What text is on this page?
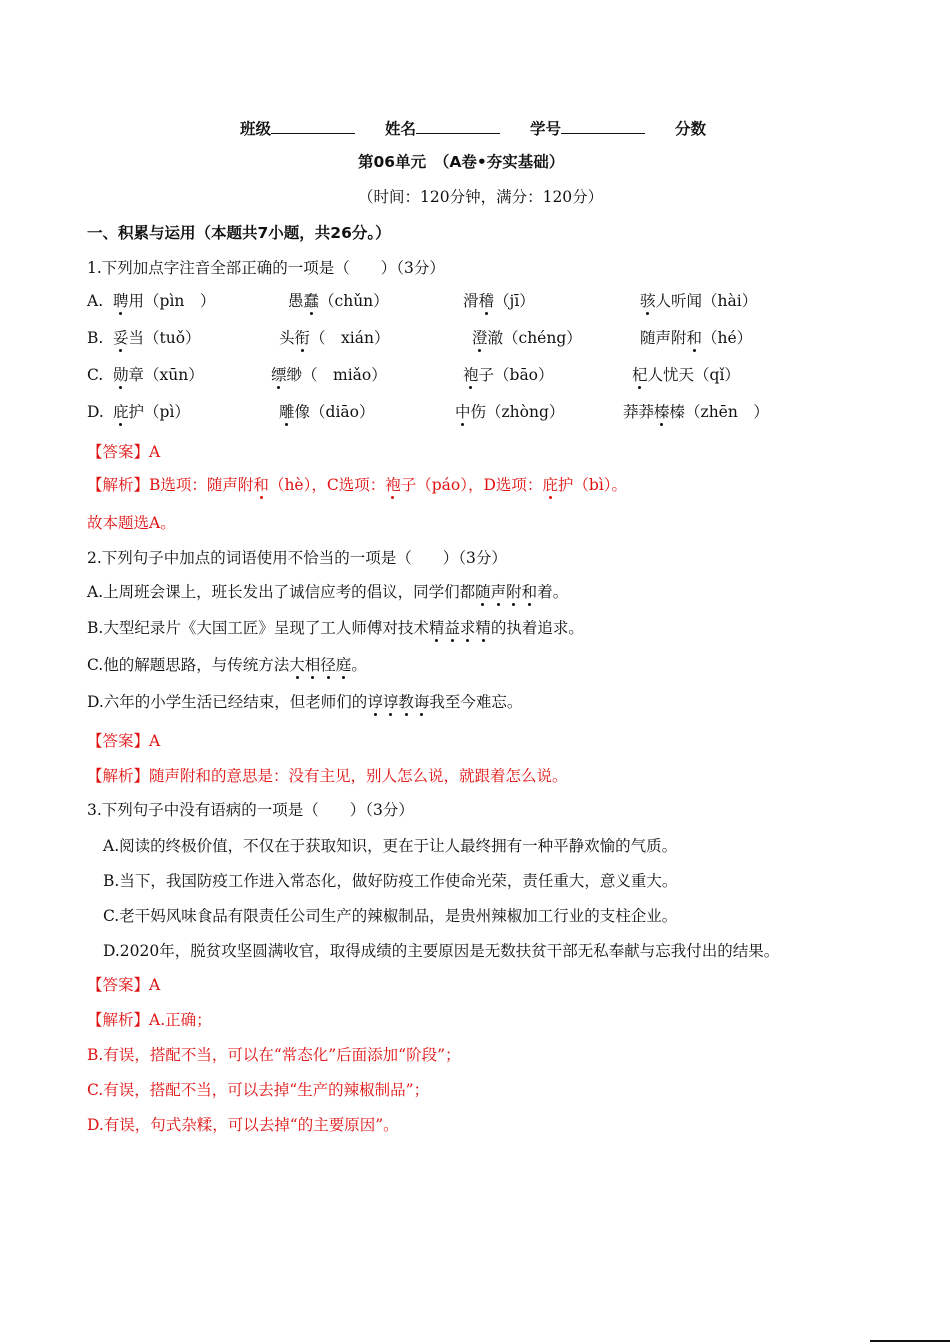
班级	姓名	学号	分数
第06单元　（A卷•夯实基础）
（时间：120分钟，满分：120分）
一、积累与运用（本题共7小题，共26分。）
1.下列加点字注音全部正确的一项是（　　）（3分）
A. 聘用（pìn　）	愚蠢（chǔn）	滑稽（jī）	骇人听闻（hài）
B. 妥当（tuǒ）	头衔（　xián）	澄澈（chéng）	随声附和（hé）
C. 勋章（xūn）	缥缈（　miǎo）	袍子（bāo）	杞人忧天（qǐ）
D. 庇护（pì）	雕像（diāo）	中伤（zhòng）	莽莽榛榛（zhēn　）
【答案】A
【解析】B选项：随声附和（hè），C选项：袍子（páo），D选项：庇护（bì）。
故本题选A。
2.下列句子中加点的词语使用不恰当的一项是（　　）（3分）
A.上周班会课上，班长发出了诚信应考的倡议，同学们都随声附和着。
B.大型纪录片《大国工匠》呈现了工人师傅对技术精益求精的执着追求。
C.他的解题思路，与传统方法大相径庭。
D.六年的小学生活已经结束，但老师们的谆谆教诲我至今难忘。
【答案】A
【解析】随声附和的意思是：没有主见，别人怎么说，就跟着怎么说。
3.下列句子中没有语病的一项是（　　）（3分）
A.阅读的终极价值，不仅在于获取知识，更在于让人最终拥有一种平静欢愉的气质。
B.当下，我国防疫工作进入常态化，做好防疫工作使命光荣，责任重大，意义重大。
C.老干妈风味食品有限责任公司生产的辣椒制品，是贵州辣椒加工行业的支柱企业。
D.2020年，脱贫攻坚圆满收官，取得成绩的主要原因是无数扶贫干部无私奉献与忘我付出的结果。
【答案】A
【解析】A.正确；
B.有误，搭配不当，可以在“常态化”后面添加“阶段”；
C.有误，搭配不当，可以去掉“生产的辣椒制品”；
D.有误，句式杂糅，可以去掉“的主要原因”。
